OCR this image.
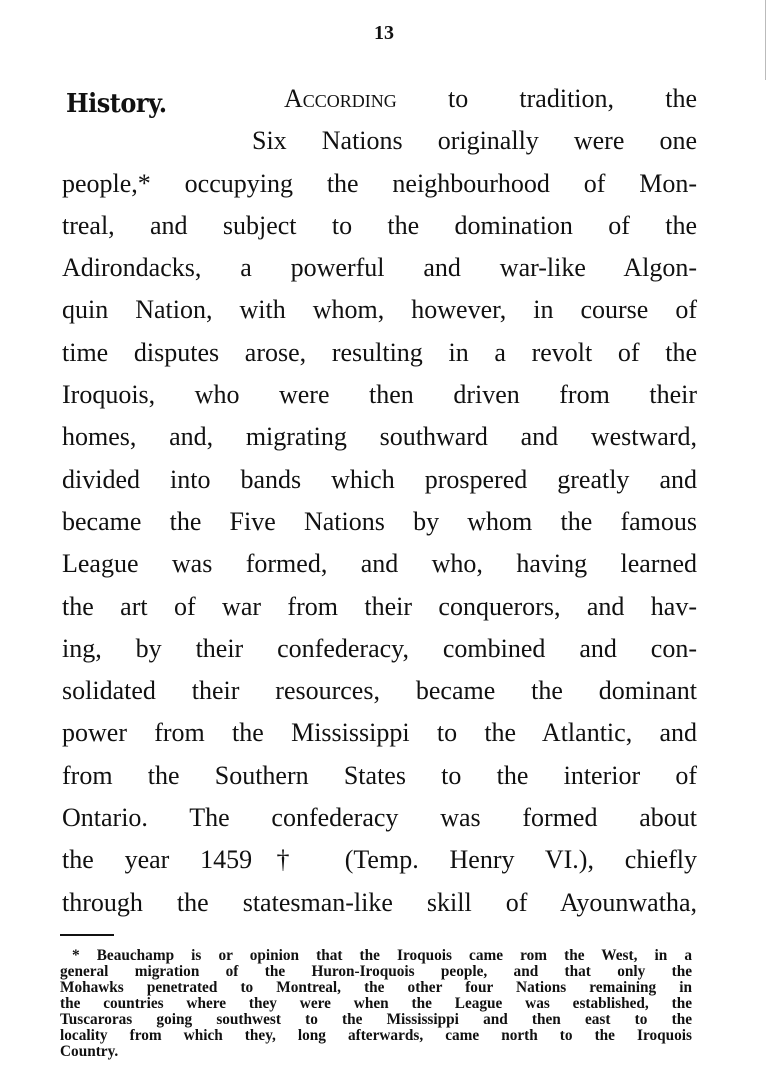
13
History.	According to tradition, the
Six Nations originally were one
people,* occupying the neighbourhood of Mon-
treal, and subject to the domination of the
Adirondacks, a powerful and war-like Algon-
quin Nation, with whom, however, in course of
time disputes arose, resulting in a revolt of the
Iroquois, who were then driven from their
homes, and, migrating southward and westward,
divided into bands which prospered greatly and
became the Five Nations by whom the famous
League was formed, and who, having learned
the art of war from their conquerors, and hav-
ing, by their confederacy, combined and con-
solidated their resources, became the dominant
power from the Mississippi to the Atlantic, and
from the Southern States to the interior of
Ontario. The confederacy was formed about
the year 1459† (Temp. Henry VI.), chiefly
through the statesman-like skill of Ayounwatha,
* Beauchamp is or opinion that the Iroquois came rom the West, in a
general migration of the Huron-Iroquois people, and that only the
Mohawks penetrated to Montreal, the other four Nations remaining in
the countries where they were when the League was established, the
Tuscaroras going southwest to the Mississippi and then east to the
locality from which they, long afterwards, came north to the Iroquois
Country.
